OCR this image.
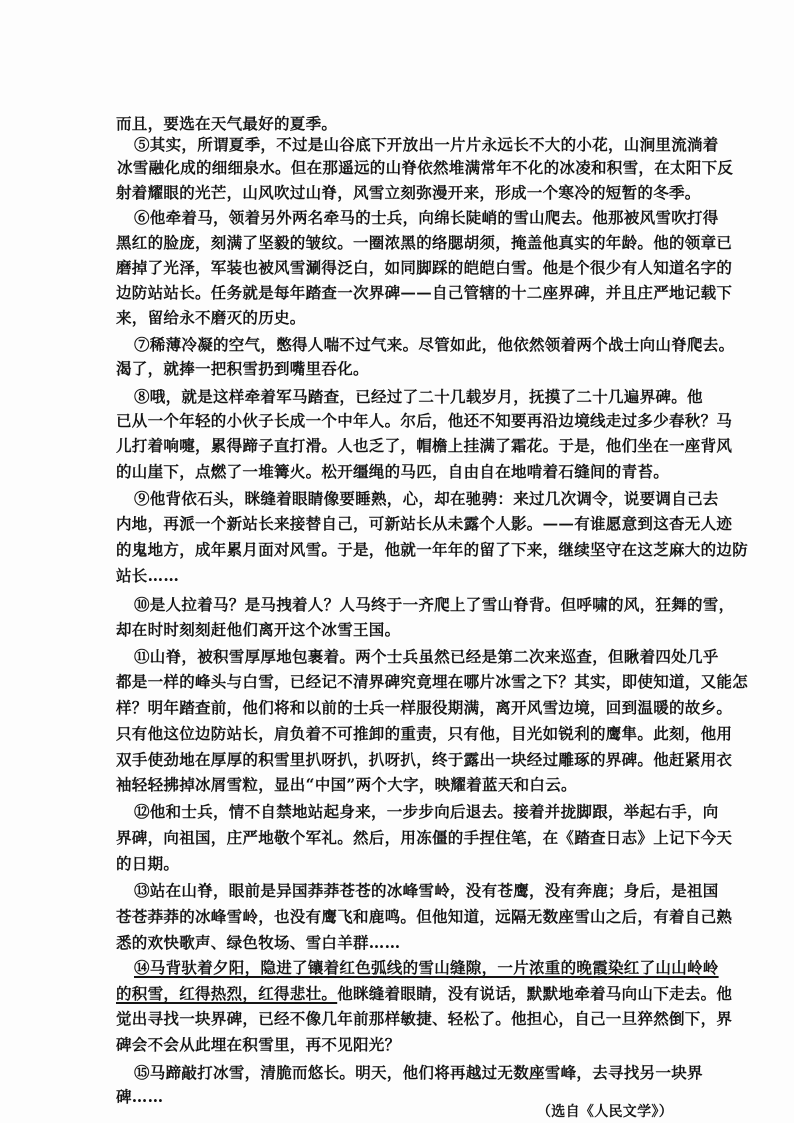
而且，要选在天气最好的夏季。
⑤其实，所谓夏季，不过是山谷底下开放出一片片永远长不大的小花，山涧里流淌着
冰雪融化成的细细泉水。但在那遥远的山脊依然堆满常年不化的冰凌和积雪，在太阳下反
射着耀眼的光芒，山风吹过山脊，风雪立刻弥漫开来，形成一个寒冷的短暂的冬季。
⑥他牵着马，领着另外两名牵马的士兵，向绵长陡峭的雪山爬去。他那被风雪吹打得
黑红的脸庞，刻满了坚毅的皱纹。一圈浓黑的络腮胡须，掩盖他真实的年龄。他的领章已
磨掉了光泽，军装也被风雪涮得泛白，如同脚踩的皑皑白雪。他是个很少有人知道名字的
边防站站长。任务就是每年踏查一次界碑——自己管辖的十二座界碑，并且庄严地记载下
来，留给永不磨灭的历史。
⑦稀薄冷凝的空气，憋得人喘不过气来。尽管如此，他依然领着两个战士向山脊爬去。
渴了，就捧一把积雪扔到嘴里吞化。
⑧哦，就是这样牵着军马踏查，已经过了二十几载岁月，抚摸了二十几遍界碑。他
已从一个年轻的小伙子长成一个中年人。尔后，他还不知要再沿边境线走过多少春秋？马
儿打着响嚏，累得蹄子直打滑。人也乏了，帽檐上挂满了霜花。于是，他们坐在一座背风
的山崖下，点燃了一堆篝火。松开缰绳的马匹，自由自在地啃着石缝间的青苔。
⑨他背依石头，眯缝着眼睛像要睡熟，心，却在驰骋：来过几次调令，说要调自己去
内地，再派一个新站长来接替自己，可新站长从未露个人影。——有谁愿意到这杳无人迹
的鬼地方，成年累月面对风雪。于是，他就一年年的留了下来，继续坚守在这芝麻大的边防
站长……
⑩是人拉着马？是马拽着人？人马终于一齐爬上了雪山脊背。但呼啸的风，狂舞的雪，
却在时时刻刻赶他们离开这个冰雪王国。
⑪山脊，被积雪厚厚地包裹着。两个士兵虽然已经是第二次来巡查，但瞅着四处几乎
都是一样的峰头与白雪，已经记不清界碑究竟埋在哪片冰雪之下？其实，即使知道，又能怎
样？明年踏查前，他们将和以前的士兵一样服役期满，离开风雪边境，回到温暖的故乡。
只有他这位边防站长，肩负着不可推卸的重责，只有他，目光如锐利的鹰隼。此刻，他用
双手使劲地在厚厚的积雪里扒呀扒，扒呀扒，终于露出一块经过雕琢的界碑。他赶紧用衣
袖轻轻拂掉冰屑雪粒，显出“中国”两个大字，映耀着蓝天和白云。
⑫他和士兵，情不自禁地站起身来，一步步向后退去。接着并拢脚跟，举起右手，向
界碑，向祖国，庄严地敬个军礼。然后，用冻僵的手捏住笔，在《踏查日志》上记下今天
的日期。
⑬站在山脊，眼前是异国莽莽苍苍的冰峰雪岭，没有苍鹰，没有奔鹿；身后，是祖国
苍苍莽莽的冰峰雪岭，也没有鹰飞和鹿鸣。但他知道，远隔无数座雪山之后，有着自己熟
悉的欢快歌声、绿色牧场、雪白羊群……
⑭马背驮着夕阳，隐进了镶着红色弧线的雪山缝隙，一片浓重的晚霞染红了山山岭岭
的积雪，红得热烈，红得悲壮。他眯缝着眼睛，没有说话，默默地牵着马向山下走去。他
觉出寻找一块界碑，已经不像几年前那样敏捷、轻松了。他担心，自己一旦猝然倒下，界
碑会不会从此埋在积雪里，再不见阳光？
⑮马蹄敲打冰雪，清脆而悠长。明天，他们将再越过无数座雪峰，去寻找另一块界
碑……
（选自《人民文学》）
